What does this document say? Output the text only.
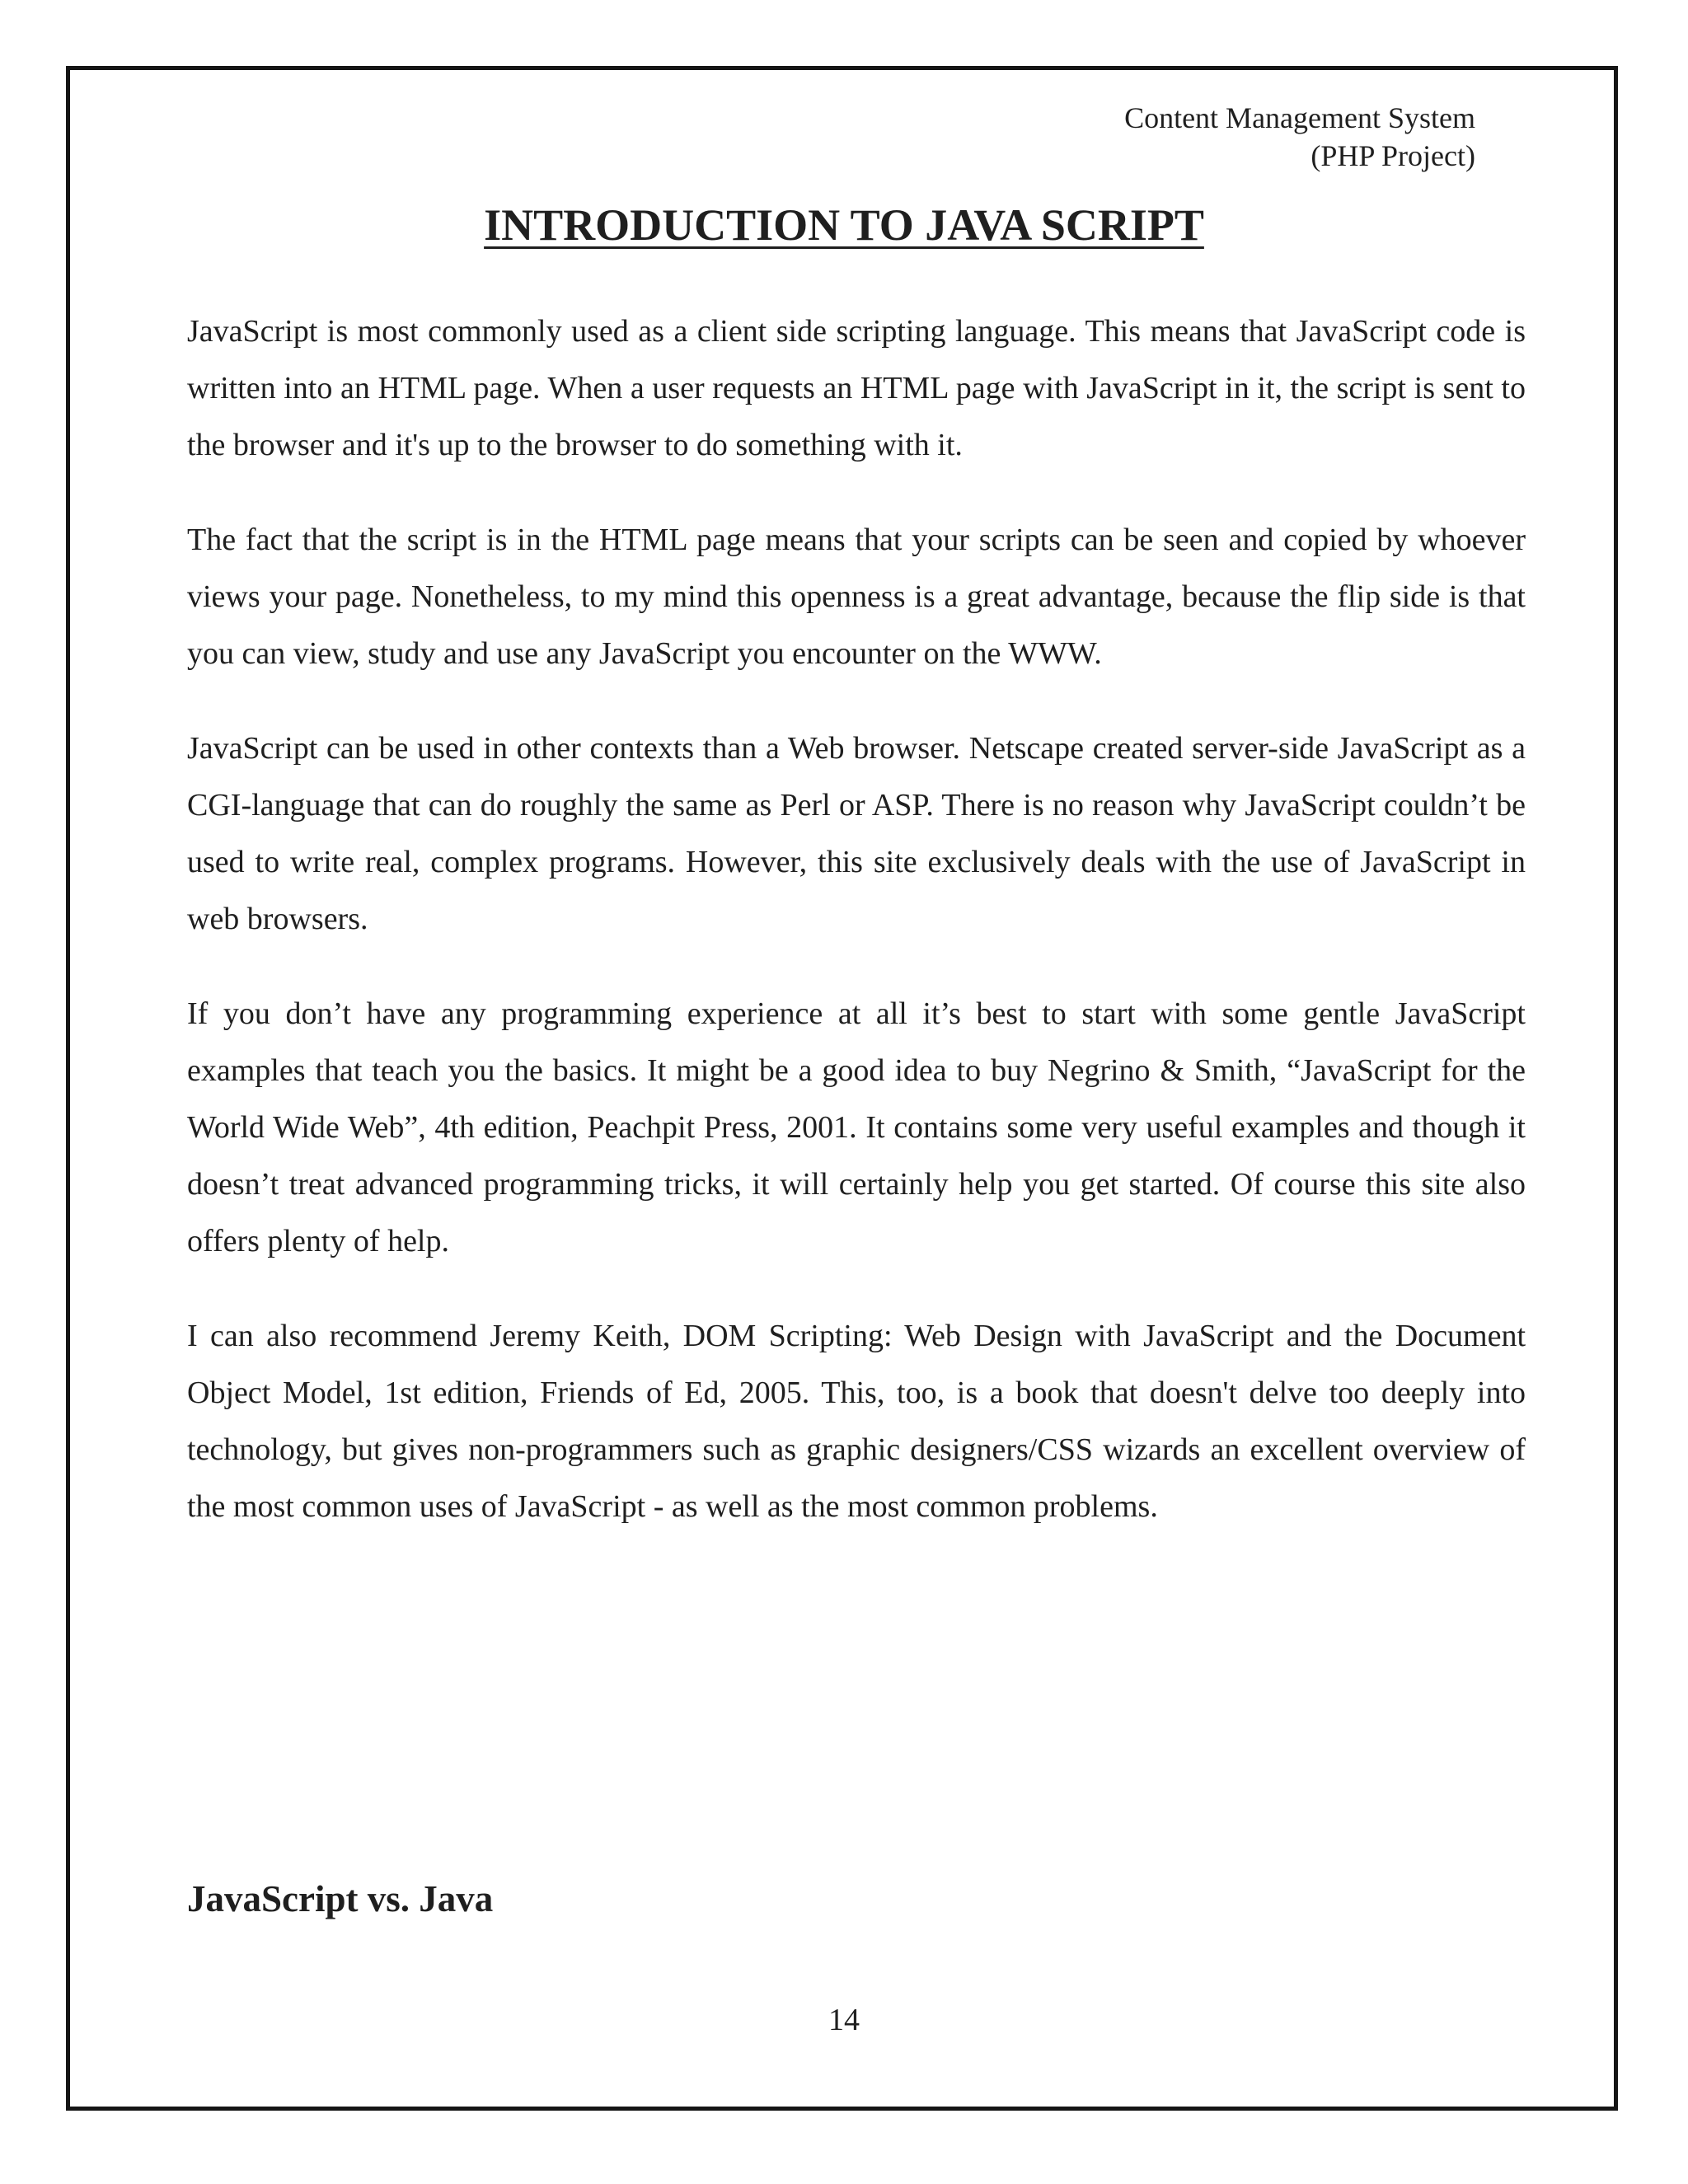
Content Management System
(PHP Project)
INTRODUCTION TO JAVA SCRIPT

JavaScript is most commonly used as a client side scripting language. This means that JavaScript code is written into an HTML page. When a user requests an HTML page with JavaScript in it, the script is sent to the browser and it's up to the browser to do something with it.

The fact that the script is in the HTML page means that your scripts can be seen and copied by whoever views your page. Nonetheless, to my mind this openness is a great advantage, because the flip side is that you can view, study and use any JavaScript you encounter on the WWW.

JavaScript can be used in other contexts than a Web browser. Netscape created server-side JavaScript as a CGI-language that can do roughly the same as Perl or ASP. There is no reason why JavaScript couldn’t be used to write real, complex programs. However, this site exclusively deals with the use of JavaScript in web browsers.

If you don’t have any programming experience at all it’s best to start with some gentle JavaScript examples that teach you the basics. It might be a good idea to buy Negrino & Smith, “JavaScript for the World Wide Web”, 4th edition, Peachpit Press, 2001. It contains some very useful examples and though it doesn’t treat advanced programming tricks, it will certainly help you get started. Of course this site also offers plenty of help.

I can also recommend Jeremy Keith, DOM Scripting: Web Design with JavaScript and the Document Object Model, 1st edition, Friends of Ed, 2005. This, too, is a book that doesn't delve too deeply into technology, but gives non-programmers such as graphic designers/CSS wizards an excellent overview of the most common uses of JavaScript - as well as the most common problems.

JavaScript vs. Java
14
